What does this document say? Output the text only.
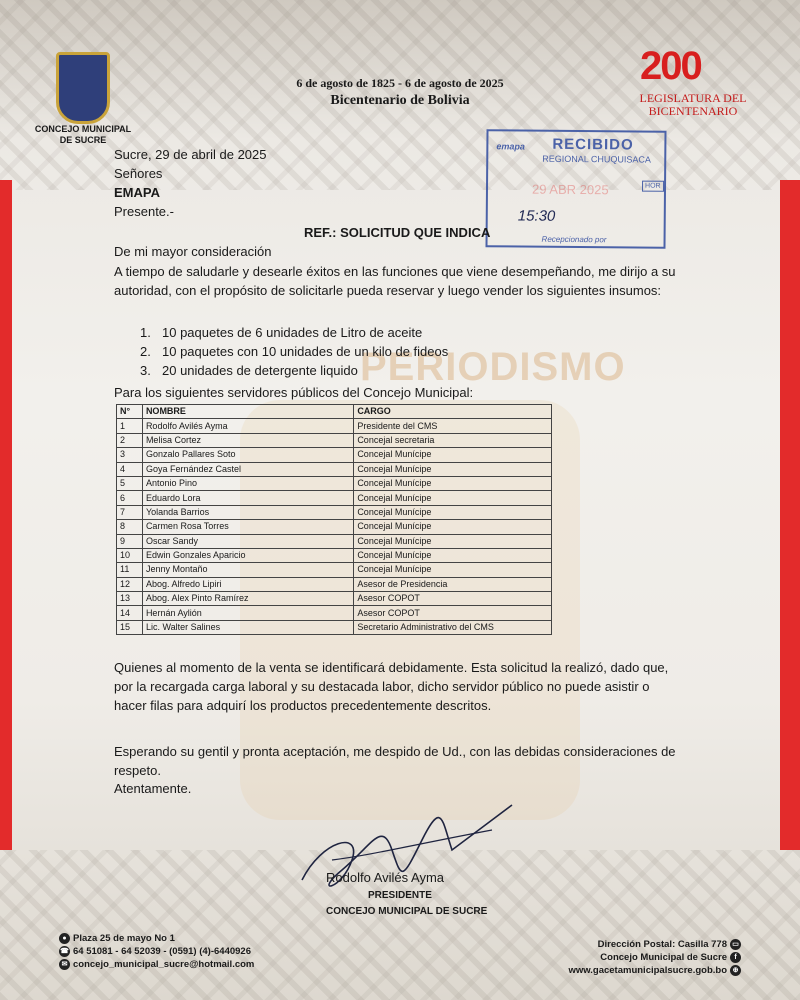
PERIODISMO
CONCEJO MUNICIPAL DE SUCRE
6 de agosto de 1825 - 6 de agosto de 2025
Bicentenario de Bolivia
200
LEGISLATURA DEL BICENTENARIO
emapa RECIBIDO
REGIONAL CHUQUISACA
29 ABR 2025	HOR
15:30
Recepcionado por
Sucre, 29 de abril de 2025
Señores
EMAPA
Presente.-
REF.: SOLICITUD QUE INDICA
De mi mayor consideración
A tiempo de saludarle y desearle éxitos en las funciones que viene desempeñando, me dirijo a su autoridad, con el propósito de solicitarle pueda reservar y luego vender los siguientes insumos:
1. 10 paquetes de 6 unidades de Litro de aceite
2. 10 paquetes con 10 unidades de un kilo de fideos
3. 20 unidades de detergente liquido
Para los siguientes servidores públicos del Concejo Municipal:
N°	NOMBRE	CARGO
1	Rodolfo Avilés Ayma	Presidente del CMS
2	Melisa Cortez	Concejal secretaria
3	Gonzalo Pallares Soto	Concejal Munícipe
4	Goya Fernández Castel	Concejal Munícipe
5	Antonio Pino	Concejal Munícipe
6	Eduardo Lora	Concejal Munícipe
7	Yolanda Barrios	Concejal Munícipe
8	Carmen Rosa Torres	Concejal Munícipe
9	Oscar Sandy	Concejal Munícipe
10	Edwin Gonzales Aparicio	Concejal Munícipe
11	Jenny Montaño	Concejal Munícipe
12	Abog. Alfredo Lipiri	Asesor de Presidencia
13	Abog. Alex Pinto Ramírez	Asesor COPOT
14	Hernán Aylión	Asesor COPOT
15	Lic. Walter Salines	Secretario Administrativo del CMS
Quienes al momento de la venta se identificará debidamente. Esta solicitud la realizó, dado que, por la recargada carga laboral y su destacada labor, dicho servidor público no puede asistir o hacer filas para adquirí los productos precedentemente descritos.
Esperando su gentil y pronta aceptación, me despido de Ud., con las debidas consideraciones de respeto.
Atentamente.
Rodolfo Avilés Ayma
PRESIDENTE
CONCEJO MUNICIPAL DE SUCRE
● Plaza 25 de mayo No 1
☎ 64 51081 - 64 52039 - (0591) (4)-6440926
✉ concejo_municipal_sucre@hotmail.com
Dirección Postal: Casilla 778 ▭
Concejo Municipal de Sucre f
www.gacetamunicipalsucre.gob.bo ⊕
